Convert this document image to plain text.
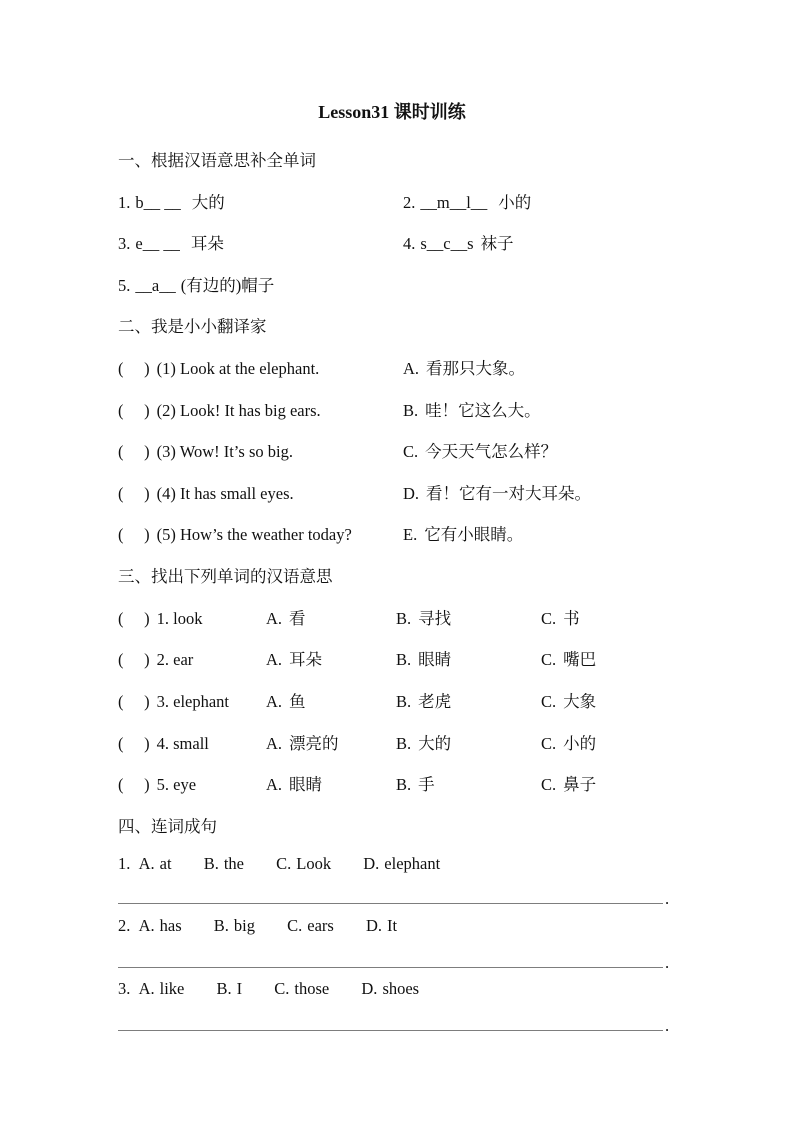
Lesson31 课时训练
一、根据汉语意思补全单词
1. b__ __ 大的	2. __m__l__ 小的
3. e__ __ 耳朵	4. s__c__s 袜子
5. __a__ (有边的)帽子
二、我是小小翻译家
(     ) (1) Look at the elephant.	A. 看那只大象。
(     ) (2) Look! It has big ears.	B. 哇！它这么大。
(     ) (3) Wow! It’s so big.	C. 今天天气怎么样？
(     ) (4) It has small eyes.	D. 看！它有一对大耳朵。
(     ) (5) How’s the weather today?	E. 它有小眼睛。
三、找出下列单词的汉语意思
(     ) 1. look	A. 看	B. 寻找	C. 书
(     ) 2. ear	A. 耳朵	B. 眼睛	C. 嘴巴
(     ) 3. elephant A. 鱼	B. 老虎	C. 大象
(     ) 4. small	A. 漂亮的	B. 大的	C. 小的
(     ) 5. eye	A. 眼睛	B. 手	C. 鼻子
四、连词成句
1. A. at B. the C. Look D. elephant
.
2. A. has B. big C. ears D. It
.
3. A. like B. I C. those D. shoes
.
